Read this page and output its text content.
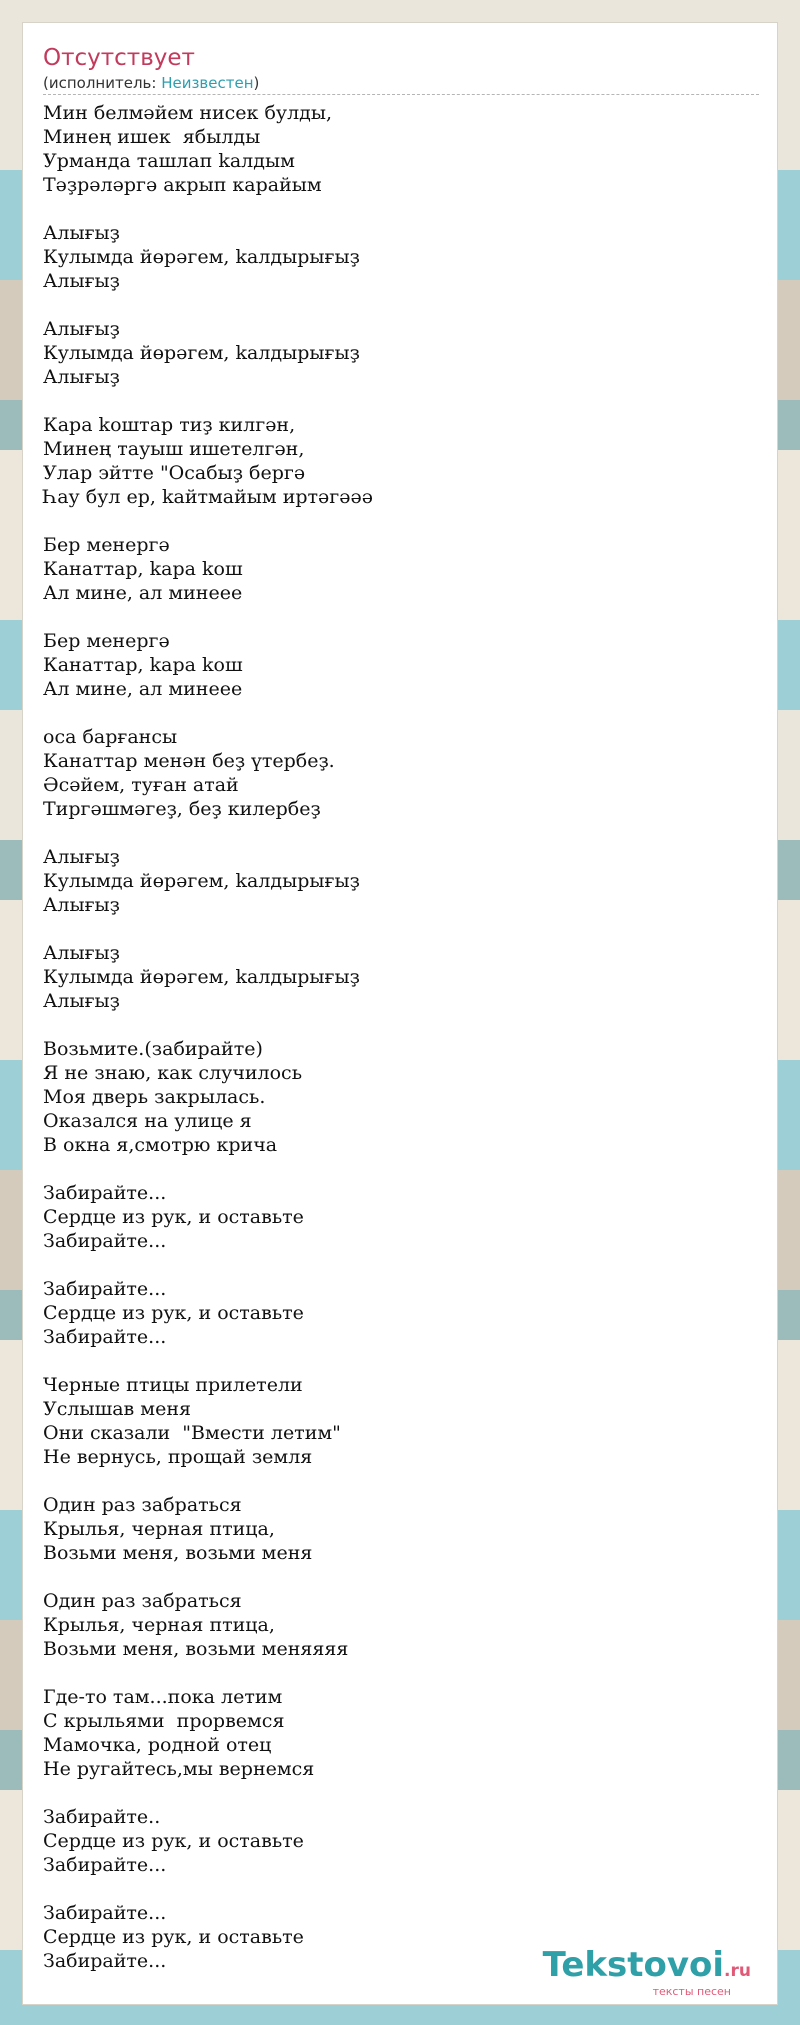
Отсутствует
(исполнитель: Неизвестен)
Мин белмәйем нисек булды,
Минең ишек  ябылды
Урманда ташлап kалдым
Тәҙрәләргә акрып карайым
Алығыҙ
Кулымда йөрәгем, kалдырығыҙ
Алығыҙ
Алығыҙ
Кулымда йөрәгем, kалдырығыҙ
Алығыҙ
Кара kоштар тиҙ килгән,
Минең тауыш ишетелгән,
Улар эйтте "Осабыҙ бергә
Һау бул ер, kайтмайым иртәгәәә
Бер менергә
Канаттар, kара kош
Ал мине, ал минеее
Бер менергә
Канаттар, kара kош
Ал мине, ал минеее
оса барғансы
Канаттар менән беҙ үтербеҙ.
Әсәйем, туған атай
Тиргәшмәгеҙ, беҙ килербеҙ
Алығыҙ
Кулымда йөрәгем, kалдырығыҙ
Алығыҙ
Алығыҙ
Кулымда йөрәгем, kалдырығыҙ
Алығыҙ
Возьмите.(забирайте)
Я не знаю, как случилось
Моя дверь закрылась.
Оказался на улице я
В окна я,смотрю крича
Забирайте...
Сердце из рук, и оставьте
Забирайте...
Забирайте...
Сердце из рук, и оставьте
Забирайте...
Черные птицы прилетели
Услышав меня
Они сказали  "Вмести летим"
Не вернусь, прощай земля
Один раз забраться
Крылья, черная птица,
Возьми меня, возьми меня
Один раз забраться
Крылья, черная птица,
Возьми меня, возьми меняяяя
Где-то там...пока летим
С крыльями  прорвемся
Мамочка, родной отец
Не ругайтесь,мы вернемся
Забирайте..
Сердце из рук, и оставьте
Забирайте...
Забирайте...
Сердце из рук, и оставьте
Забирайте...	Tekstovoi.ru
тексты песен
